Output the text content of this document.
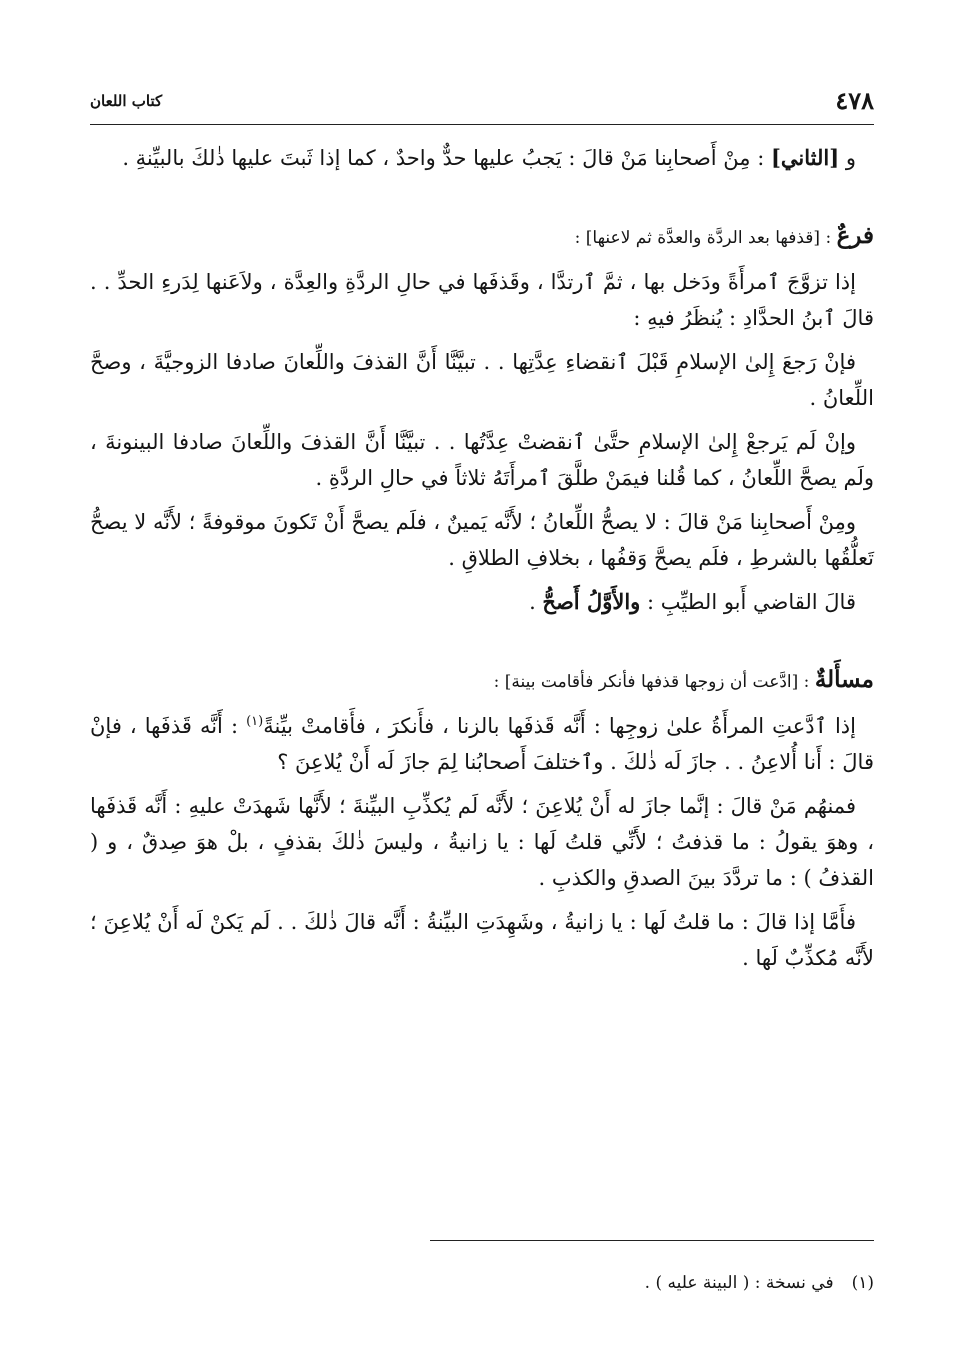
٤٧٨
كتاب اللعان

و [الثاني] : مِنْ أَصحابِنا مَنْ قالَ : يَجبُ عليها حدٌّ واحدٌ ، كما إذا ثَبتَ عليها ذٰلكَ بالبيِّنةِ .

فرعٌ : [قذفها بعد الردَّة والعدَّة ثم لاعنها] :

إذا تزوَّجَ ٱمرأَةً ودَخل بها ، ثمَّ ٱرتدَّا ، وقَذفَها في حالِ الردَّةِ والعِدَّة ، ولاَعَنها لِدَرءِ الحدِّ . . قالَ ٱبنُ الحدَّادِ : يُنظَرُ فيهِ :

فإنْ رَجعَ إِلىٰ الإسلامِ قَبْلَ ٱنقضاءِ عِدَّتِها . . تبيَّنَّا أَنَّ القذفَ واللِّعانَ صادفا الزوجيَّةَ ، وصحَّ اللِّعانُ .

وإنْ لَم يَرجعْ إِلىٰ الإسلامِ حتَّىٰ ٱنقضتْ عِدَّتُها . . تبيَّنَّا أَنَّ القذفَ واللِّعانَ صادفا البينونةَ ، ولَم يصحَّ اللِّعانُ ، كما قُلنا فيمَنْ طلَّقَ ٱمرأَتَهُ ثلاثاً في حالِ الردَّةِ .

ومِنْ أَصحابِنا مَنْ قالَ : لا يصحُّ اللِّعانُ ؛ لأَنَّه يَمينٌ ، فلَم يصحَّ أَنْ تَكونَ موقوفةً ؛ لأَنَّه لا يصحُّ تَعلُّقُها بالشرطِ ، فلَم يصحَّ وَقفُها ، بخلافِ الطلاقِ .

قالَ القاضي أَبو الطيِّبِ : والأَوَّلُ أَصحُّ .

مسأَلةٌ : [ادَّعت أن زوجها قذفها فأنكر فأقامت بينة] :

إذا ٱدَّعتِ المرأَةُ علىٰ زوجِها : أَنَّه قَذفَها بالزنا ، فأَنكرَ ، فأَقامتْ بيِّنةً$^{(١)}$ : أَنَّه قَذفَها ، فإنْ قالَ : أَنا أُلاعِنُ . . جازَ لَه ذٰلكَ . وٱختلفَ أَصحابُنا لِمَ جازَ لَه أَنْ يُلاعِنَ ؟

فمنهُم مَنْ قالَ : إنَّما جازَ له أَنْ يُلاعِنَ ؛ لأَنَّه لَم يُكذِّبِ البيِّنةَ ؛ لأَنَّها شَهدَتْ عليهِ : أَنَّه قَذفَها ، وهوَ يقولُ : ما قذفتُ ؛ لأَنِّي قلتُ لَها : يا زانيةُ ، وليسَ ذٰلكَ بقذفٍ ، بلْ هوَ صِدقٌ ، و ( القذفُ ) : ما تردَّدَ بينَ الصدقِ والكذبِ .

فأَمَّا إذا قالَ : ما قلتُ لَها : يا زانيةُ ، وشَهِدَتِ البيِّنةُ : أَنَّه قالَ ذٰلكَ . . لَم يَكنْ لَه أَنْ يُلاعِنَ ؛ لأَنَّه مُكذِّبٌ لَها .

(١)في نسخة : ( البينة عليه ) .
